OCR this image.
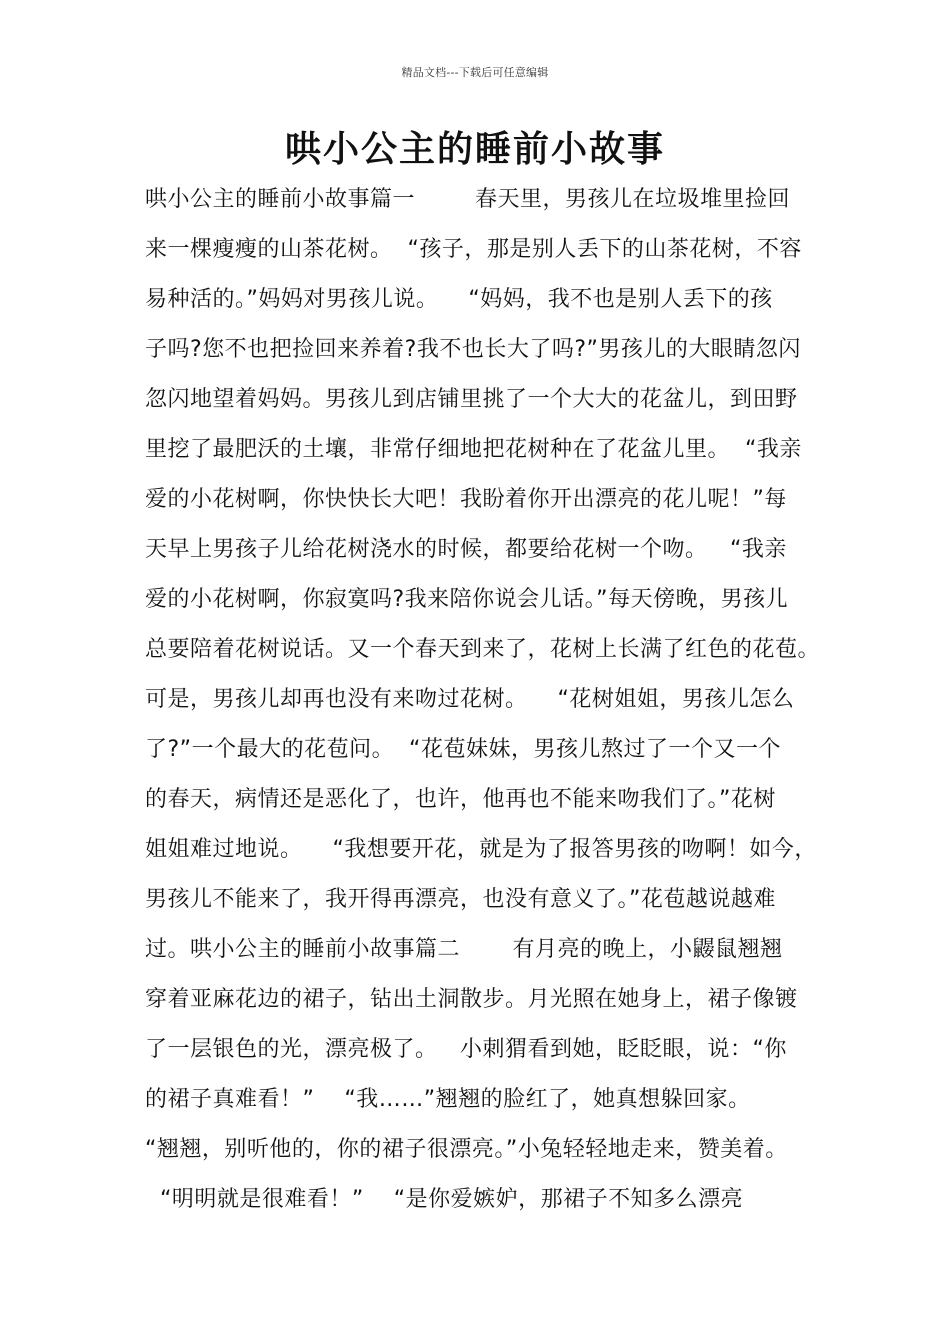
精品文档---下载后可任意编辑
哄小公主的睡前小故事
哄小公主的睡前小故事篇一        春天里，男孩儿在垃圾堆里捡回
来一棵瘦瘦的山茶花树。  “孩子，那是别人丢下的山茶花树，不容
易种活的。”妈妈对男孩儿说。    “妈妈，我不也是别人丢下的孩
子吗?您不也把捡回来养着?我不也长大了吗?”男孩儿的大眼睛忽闪
忽闪地望着妈妈。男孩儿到店铺里挑了一个大大的花盆儿，到田野
里挖了最肥沃的土壤，非常仔细地把花树种在了花盆儿里。  “我亲
爱的小花树啊，你快快长大吧！我盼着你开出漂亮的花儿呢！”每
天早上男孩子儿给花树浇水的时候，都要给花树一个吻。   “我亲
爱的小花树啊，你寂寞吗?我来陪你说会儿话。”每天傍晚，男孩儿
总要陪着花树说话。又一个春天到来了，花树上长满了红色的花苞。
可是，男孩儿却再也没有来吻过花树。    “花树姐姐，男孩儿怎么
了?”一个最大的花苞问。  “花苞妹妹，男孩儿熬过了一个又一个
的春天，病情还是恶化了，也许，他再也不能来吻我们了。”花树
姐姐难过地说。    “我想要开花，就是为了报答男孩的吻啊！如今，
男孩儿不能来了，我开得再漂亮，也没有意义了。”花苞越说越难
过。哄小公主的睡前小故事篇二       有月亮的晚上，小鼹鼠翘翘
穿着亚麻花边的裙子，钻出土洞散步。月光照在她身上，裙子像镀
了一层银色的光，漂亮极了。   小刺猬看到她，眨眨眼，说：“你
的裙子真难看！”    “我……”翘翘的脸红了，她真想躲回家。
“翘翘，别听他的，你的裙子很漂亮。”小兔轻轻地走来，赞美着。
“明明就是很难看！”    “是你爱嫉妒，那裙子不知多么漂亮
